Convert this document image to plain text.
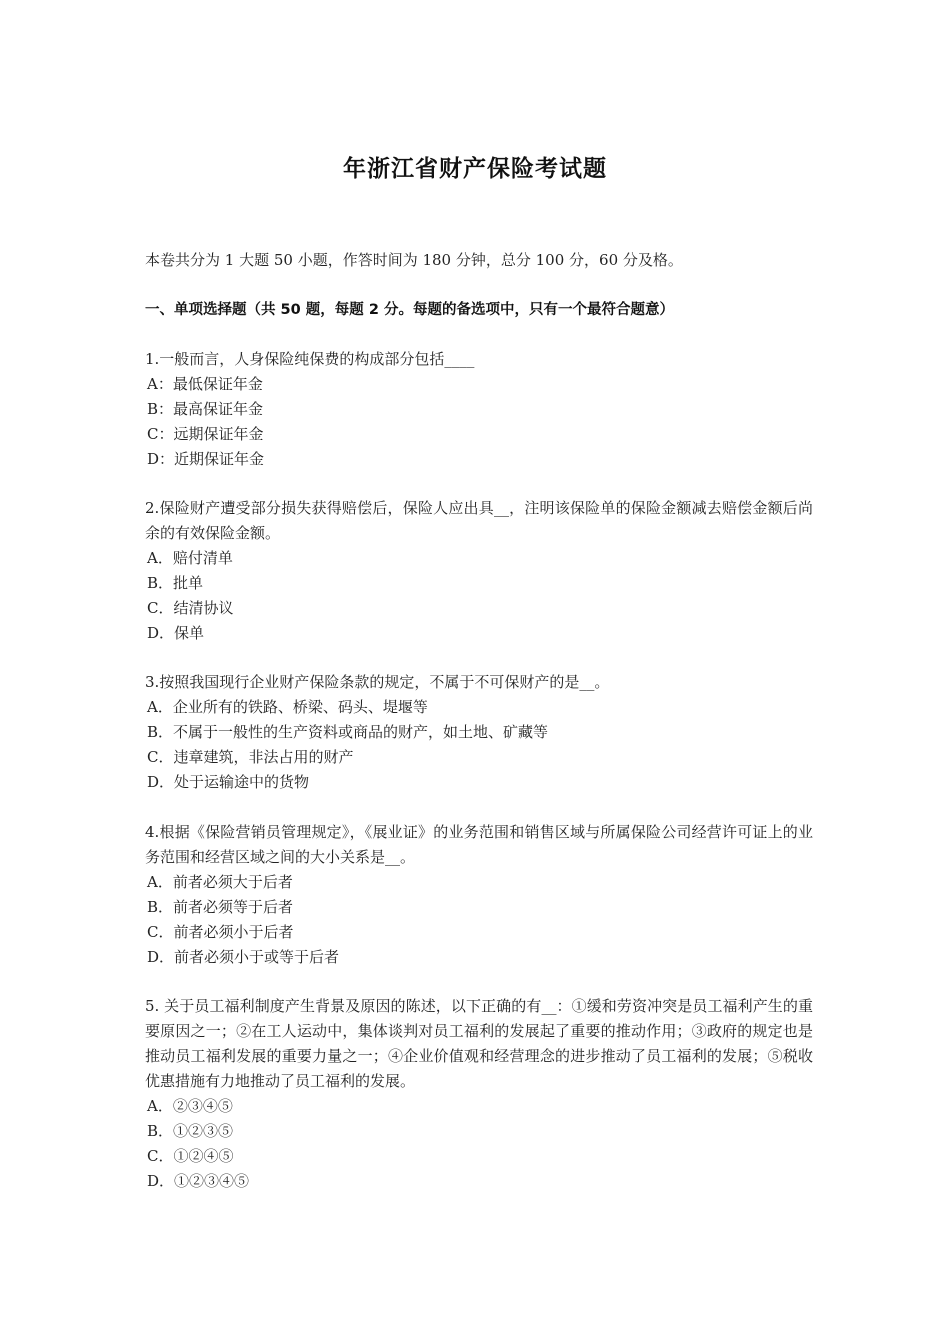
年浙江省财产保险考试题
本卷共分为 1 大题 50 小题，作答时间为 180 分钟，总分 100 分，60 分及格。
一、单项选择题（共 50 题，每题 2 分。每题的备选项中，只有一个最符合题意）
1.一般而言，人身保险纯保费的构成部分包括____
A：最低保证年金
B：最高保证年金
C：远期保证年金
D：近期保证年金
2.保险财产遭受部分损失获得赔偿后，保险人应出具__，注明该保险单的保险金额减去赔偿金额后尚余的有效保险金额。
A．赔付清单
B．批单
C．结清协议
D．保单
3.按照我国现行企业财产保险条款的规定，不属于不可保财产的是__。
A．企业所有的铁路、桥梁、码头、堤堰等
B．不属于一般性的生产资料或商品的财产，如土地、矿藏等
C．违章建筑，非法占用的财产
D．处于运输途中的货物
4.根据《保险营销员管理规定》，《展业证》的业务范围和销售区域与所属保险公司经营许可证上的业务范围和经营区域之间的大小关系是__。
A．前者必须大于后者
B．前者必须等于后者
C．前者必须小于后者
D．前者必须小于或等于后者
5. 关于员工福利制度产生背景及原因的陈述，以下正确的有__：①缓和劳资冲突是员工福利产生的重要原因之一；②在工人运动中，集体谈判对员工福利的发展起了重要的推动作用；③政府的规定也是推动员工福利发展的重要力量之一；④企业价值观和经营理念的进步推动了员工福利的发展；⑤税收优惠措施有力地推动了员工福利的发展。
A．②③④⑤
B．①②③⑤
C．①②④⑤
D．①②③④⑤
